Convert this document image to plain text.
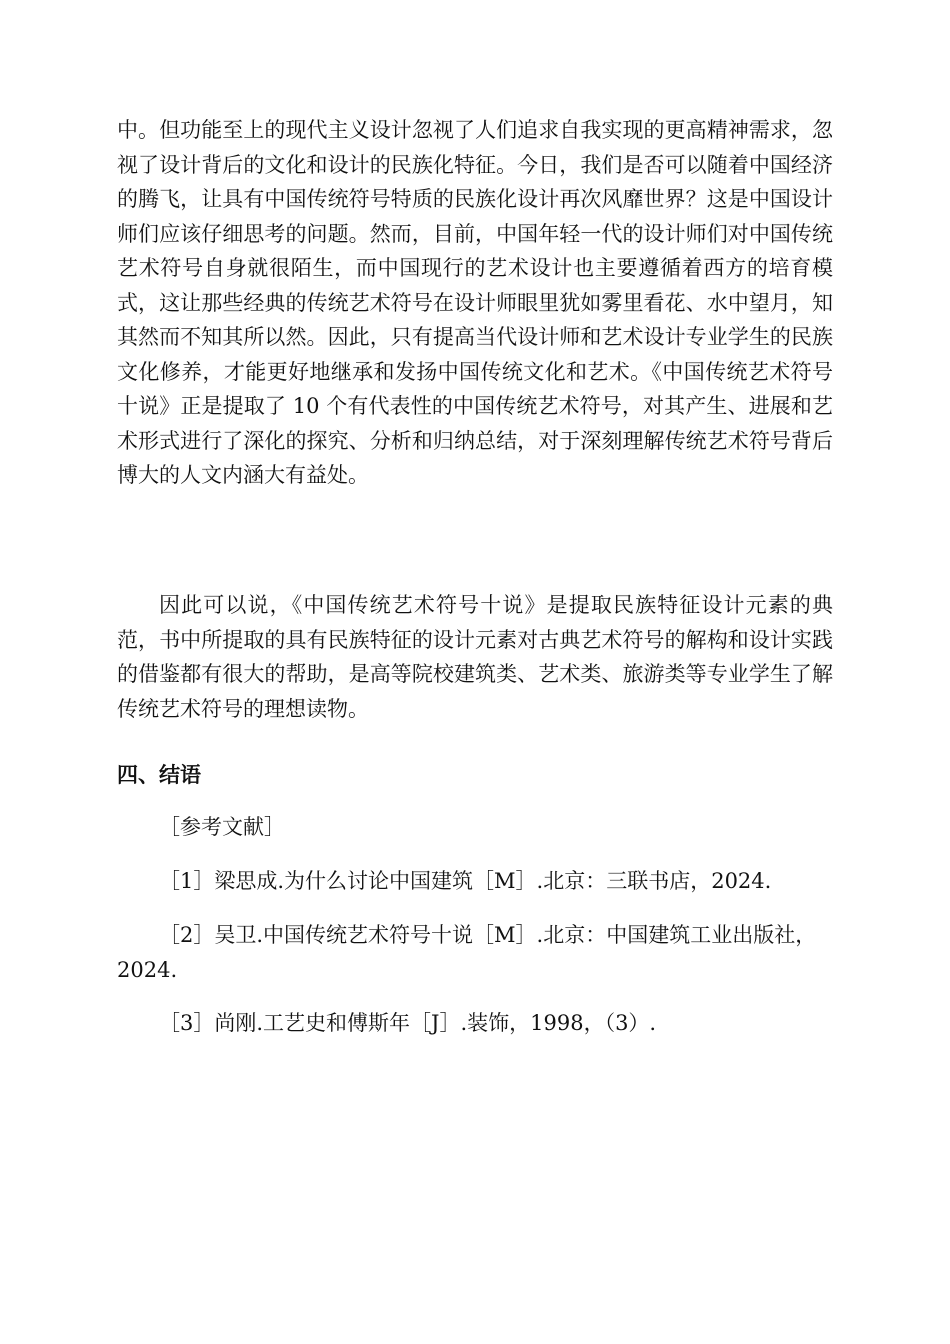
中。但功能至上的现代主义设计忽视了人们追求自我实现的更高精神需求，忽视了设计背后的文化和设计的民族化特征。今日，我们是否可以随着中国经济的腾飞，让具有中国传统符号特质的民族化设计再次风靡世界？这是中国设计师们应该仔细思考的问题。然而，目前，中国年轻一代的设计师们对中国传统艺术符号自身就很陌生，而中国现行的艺术设计也主要遵循着西方的培育模式，这让那些经典的传统艺术符号在设计师眼里犹如雾里看花、水中望月，知其然而不知其所以然。因此，只有提高当代设计师和艺术设计专业学生的民族文化修养，才能更好地继承和发扬中国传统文化和艺术。《中国传统艺术符号十说》正是提取了 10 个有代表性的中国传统艺术符号，对其产生、进展和艺术形式进行了深化的探究、分析和归纳总结，对于深刻理解传统艺术符号背后博大的人文内涵大有益处。

因此可以说，《中国传统艺术符号十说》是提取民族特征设计元素的典范，书中所提取的具有民族特征的设计元素对古典艺术符号的解构和设计实践的借鉴都有很大的帮助，是高等院校建筑类、艺术类、旅游类等专业学生了解传统艺术符号的理想读物。

四、结语

［参考文献］

［1］梁思成.为什么讨论中国建筑［M］.北京：三联书店，2024.

［2］吴卫.中国传统艺术符号十说［M］.北京：中国建筑工业出版社，2024.

［3］尚刚.工艺史和傅斯年［J］.装饰，1998，（3）.
